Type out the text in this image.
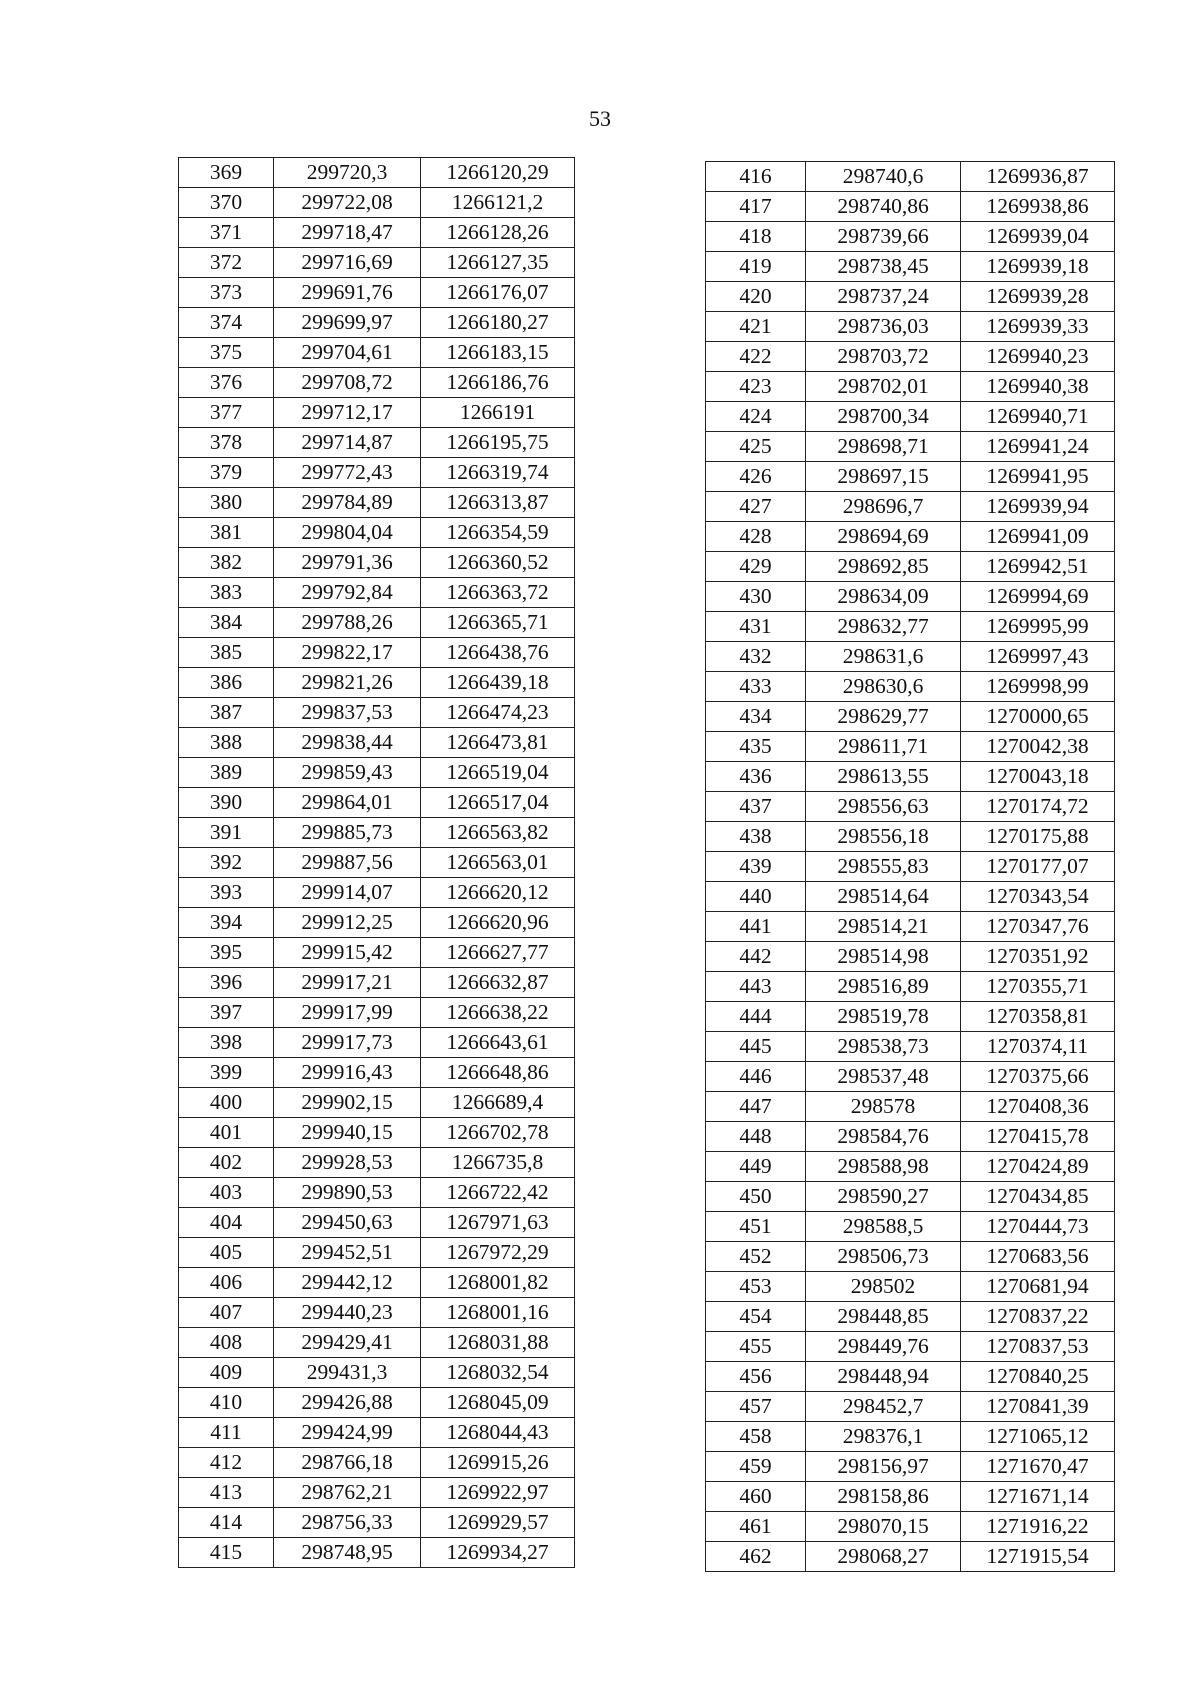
53
369	299720,3	1266120,29
370	299722,08	1266121,2
371	299718,47	1266128,26
372	299716,69	1266127,35
373	299691,76	1266176,07
374	299699,97	1266180,27
375	299704,61	1266183,15
376	299708,72	1266186,76
377	299712,17	1266191
378	299714,87	1266195,75
379	299772,43	1266319,74
380	299784,89	1266313,87
381	299804,04	1266354,59
382	299791,36	1266360,52
383	299792,84	1266363,72
384	299788,26	1266365,71
385	299822,17	1266438,76
386	299821,26	1266439,18
387	299837,53	1266474,23
388	299838,44	1266473,81
389	299859,43	1266519,04
390	299864,01	1266517,04
391	299885,73	1266563,82
392	299887,56	1266563,01
393	299914,07	1266620,12
394	299912,25	1266620,96
395	299915,42	1266627,77
396	299917,21	1266632,87
397	299917,99	1266638,22
398	299917,73	1266643,61
399	299916,43	1266648,86
400	299902,15	1266689,4
401	299940,15	1266702,78
402	299928,53	1266735,8
403	299890,53	1266722,42
404	299450,63	1267971,63
405	299452,51	1267972,29
406	299442,12	1268001,82
407	299440,23	1268001,16
408	299429,41	1268031,88
409	299431,3	1268032,54
410	299426,88	1268045,09
411	299424,99	1268044,43
412	298766,18	1269915,26
413	298762,21	1269922,97
414	298756,33	1269929,57
415	298748,95	1269934,27
416	298740,6	1269936,87
417	298740,86	1269938,86
418	298739,66	1269939,04
419	298738,45	1269939,18
420	298737,24	1269939,28
421	298736,03	1269939,33
422	298703,72	1269940,23
423	298702,01	1269940,38
424	298700,34	1269940,71
425	298698,71	1269941,24
426	298697,15	1269941,95
427	298696,7	1269939,94
428	298694,69	1269941,09
429	298692,85	1269942,51
430	298634,09	1269994,69
431	298632,77	1269995,99
432	298631,6	1269997,43
433	298630,6	1269998,99
434	298629,77	1270000,65
435	298611,71	1270042,38
436	298613,55	1270043,18
437	298556,63	1270174,72
438	298556,18	1270175,88
439	298555,83	1270177,07
440	298514,64	1270343,54
441	298514,21	1270347,76
442	298514,98	1270351,92
443	298516,89	1270355,71
444	298519,78	1270358,81
445	298538,73	1270374,11
446	298537,48	1270375,66
447	298578	1270408,36
448	298584,76	1270415,78
449	298588,98	1270424,89
450	298590,27	1270434,85
451	298588,5	1270444,73
452	298506,73	1270683,56
453	298502	1270681,94
454	298448,85	1270837,22
455	298449,76	1270837,53
456	298448,94	1270840,25
457	298452,7	1270841,39
458	298376,1	1271065,12
459	298156,97	1271670,47
460	298158,86	1271671,14
461	298070,15	1271916,22
462	298068,27	1271915,54
